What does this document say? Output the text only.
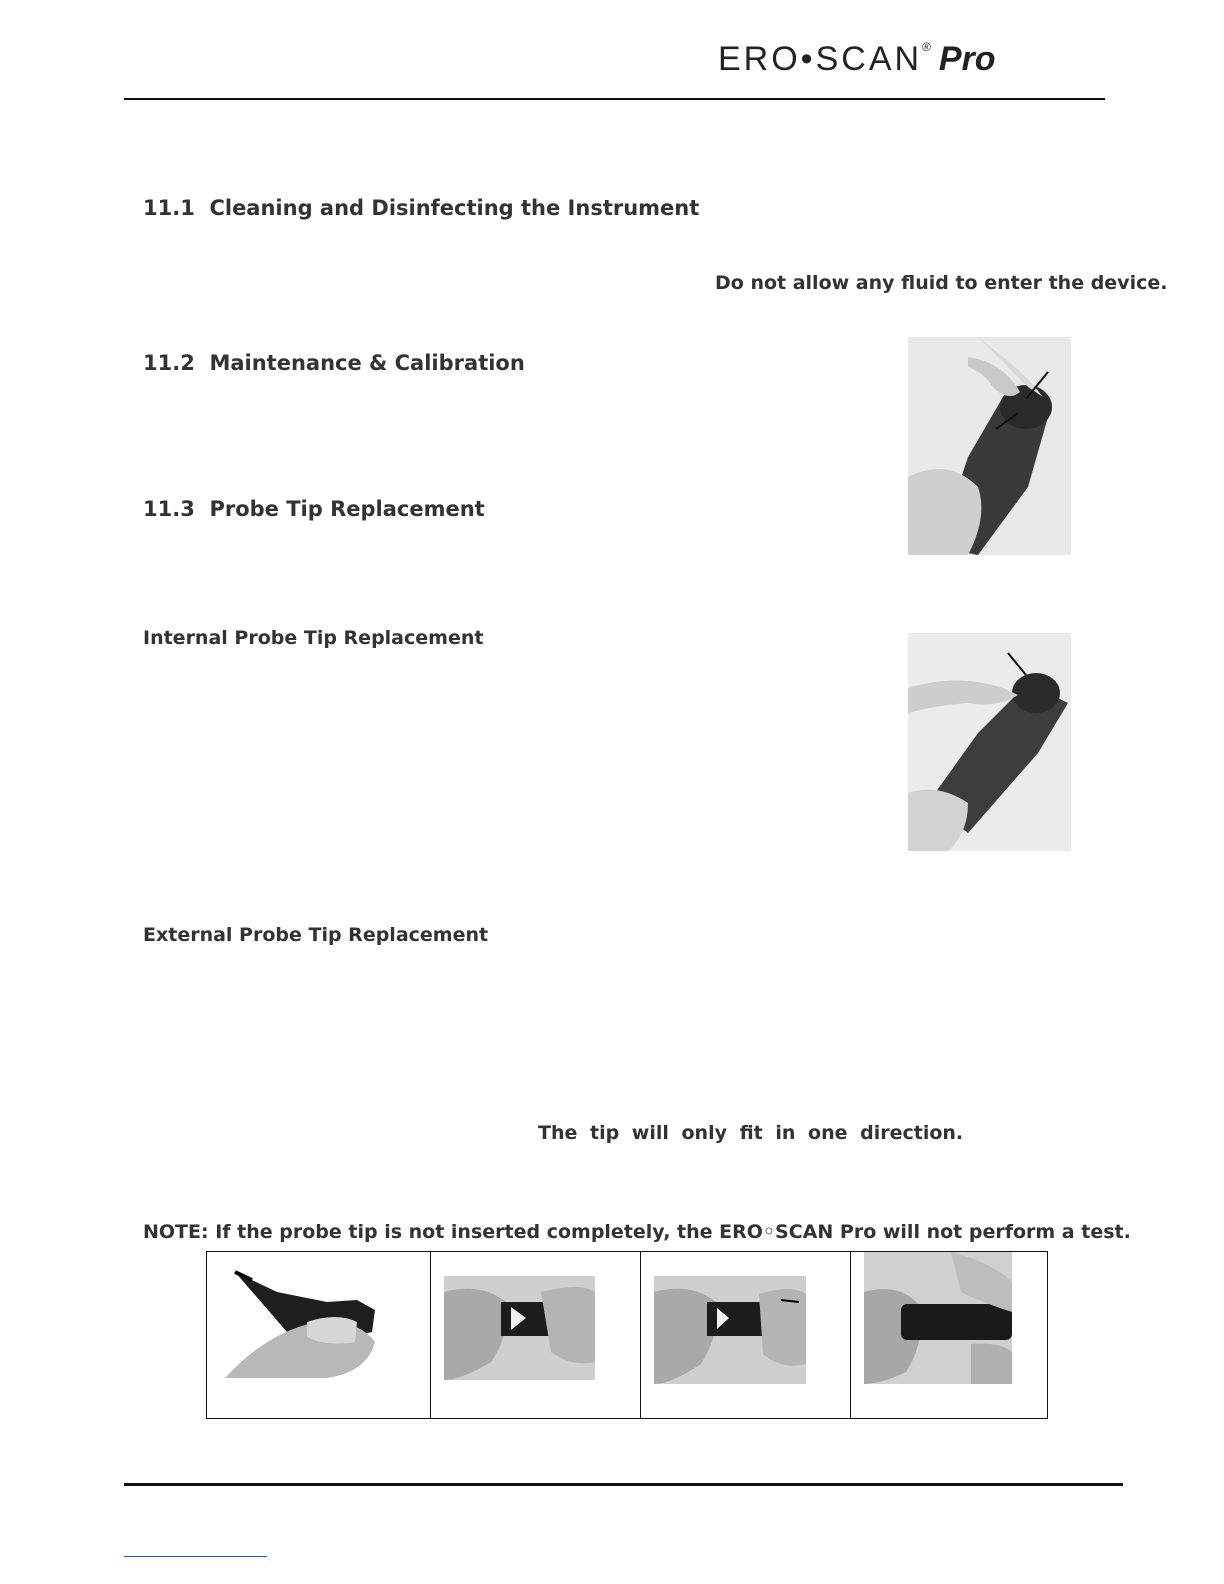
ERO•SCAN® Pro
11.1 Cleaning and Disinfecting the Instrument
Do not allow any fluid to enter the device.
11.2 Maintenance & Calibration
11.3 Probe Tip Replacement
Internal Probe Tip Replacement
External Probe Tip Replacement
The tip will only fit in one direction.
NOTE: If the probe tip is not inserted completely, the ERO◦SCAN Pro will not perform a test.
